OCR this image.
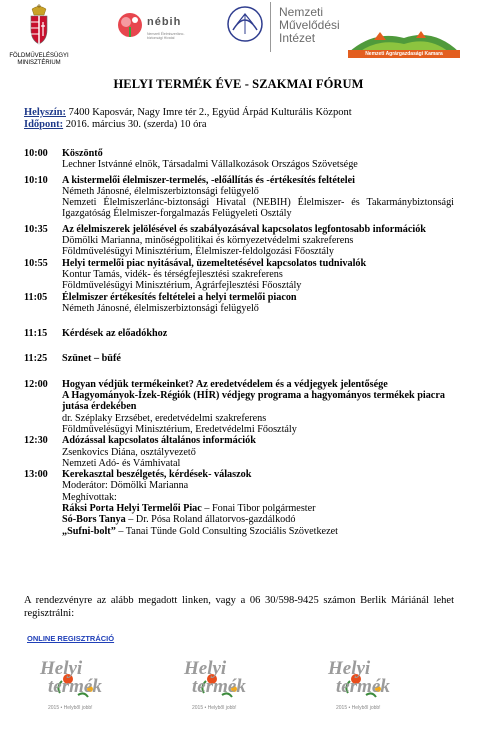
FÖLDMŰVELÉSÜGYI MINISZTÉRIUM
nébih
Nemzeti Élelmiszerlánc-biztonsági Hivatal
Nemzeti
Művelődési
Intézet
Nemzeti Agrárgazdasági Kamara
HELYI TERMÉK ÉVE - SZAKMAI FÓRUM
Helyszín: 7400 Kaposvár, Nagy Imre tér 2., Együd Árpád Kulturális Központ
Időpont: 2016. március 30. (szerda) 10 óra
10:00 Köszöntő
Lechner Istvánné elnök, Társadalmi Vállalkozások Országos Szövetsége
10:10 A kistermelői élelmiszer-termelés, -előállítás és -értékesítés feltételei
Németh Jánosné, élelmiszerbiztonsági felügyelő
Nemzeti Élelmiszerlánc-biztonsági Hivatal (NEBIH) Élelmiszer- és Takarmánybiztonsági Igazgatóság Élelmiszer-forgalmazás Felügyeleti Osztály
10:35 Az élelmiszerek jelölésével és szabályozásával kapcsolatos legfontosabb információk
Dömölki Marianna, minőségpolitikai és környezetvédelmi szakreferens
Földművelésügyi Minisztérium, Élelmiszer-feldolgozási Főosztály
10:55 Helyi termelői piac nyitásával, üzemeltetésével kapcsolatos tudnivalók
Kontur Tamás, vidék- és térségfejlesztési szakreferens
Földművelésügyi Minisztérium, Agrárfejlesztési Főosztály
11:05 Élelmiszer értékesítés feltételei a helyi termelői piacon
Németh Jánosné, élelmiszerbiztonsági felügyelő
11:15 Kérdések az előadókhoz
11:25 Szünet – büfé
12:00 Hogyan védjük termékeinket? Az eredetvédelem és a védjegyek jelentősége
A Hagyományok-Ízek-Régiók (HÍR) védjegy programa a hagyományos termékek piacra jutása érdekében
dr. Széplaky Erzsébet, eredetvédelmi szakreferens
Földművelésügyi Minisztérium, Eredetvédelmi Főosztály
12:30 Adózással kapcsolatos általános információk
Zsenkovics Diána, osztályvezető
Nemzeti Adó- és Vámhivatal
13:00 Kerekasztal beszélgetés, kérdések- válaszok
Moderátor: Dömölki Marianna
Meghívottak:
Ráksi Porta Helyi Termelői Piac – Fonai Tibor polgármester
Só-Bors Tanya – Dr. Pósa Roland állatorvos-gazdálkodó
„Sufni-bolt” – Tanai Tünde Gold Consulting Szociális Szövetkezet
A rendezvényre az alább megadott linken, vagy a 06 30/598-9425 számon Berlik Máriánál lehet regisztrálni:
ONLINE REGISZTRÁCIÓ
Helyi
termék
2015 • Helyből jobb!
Helyi
termék
2015 • Helyből jobb!
Helyi
termék
2015 • Helyből jobb!
